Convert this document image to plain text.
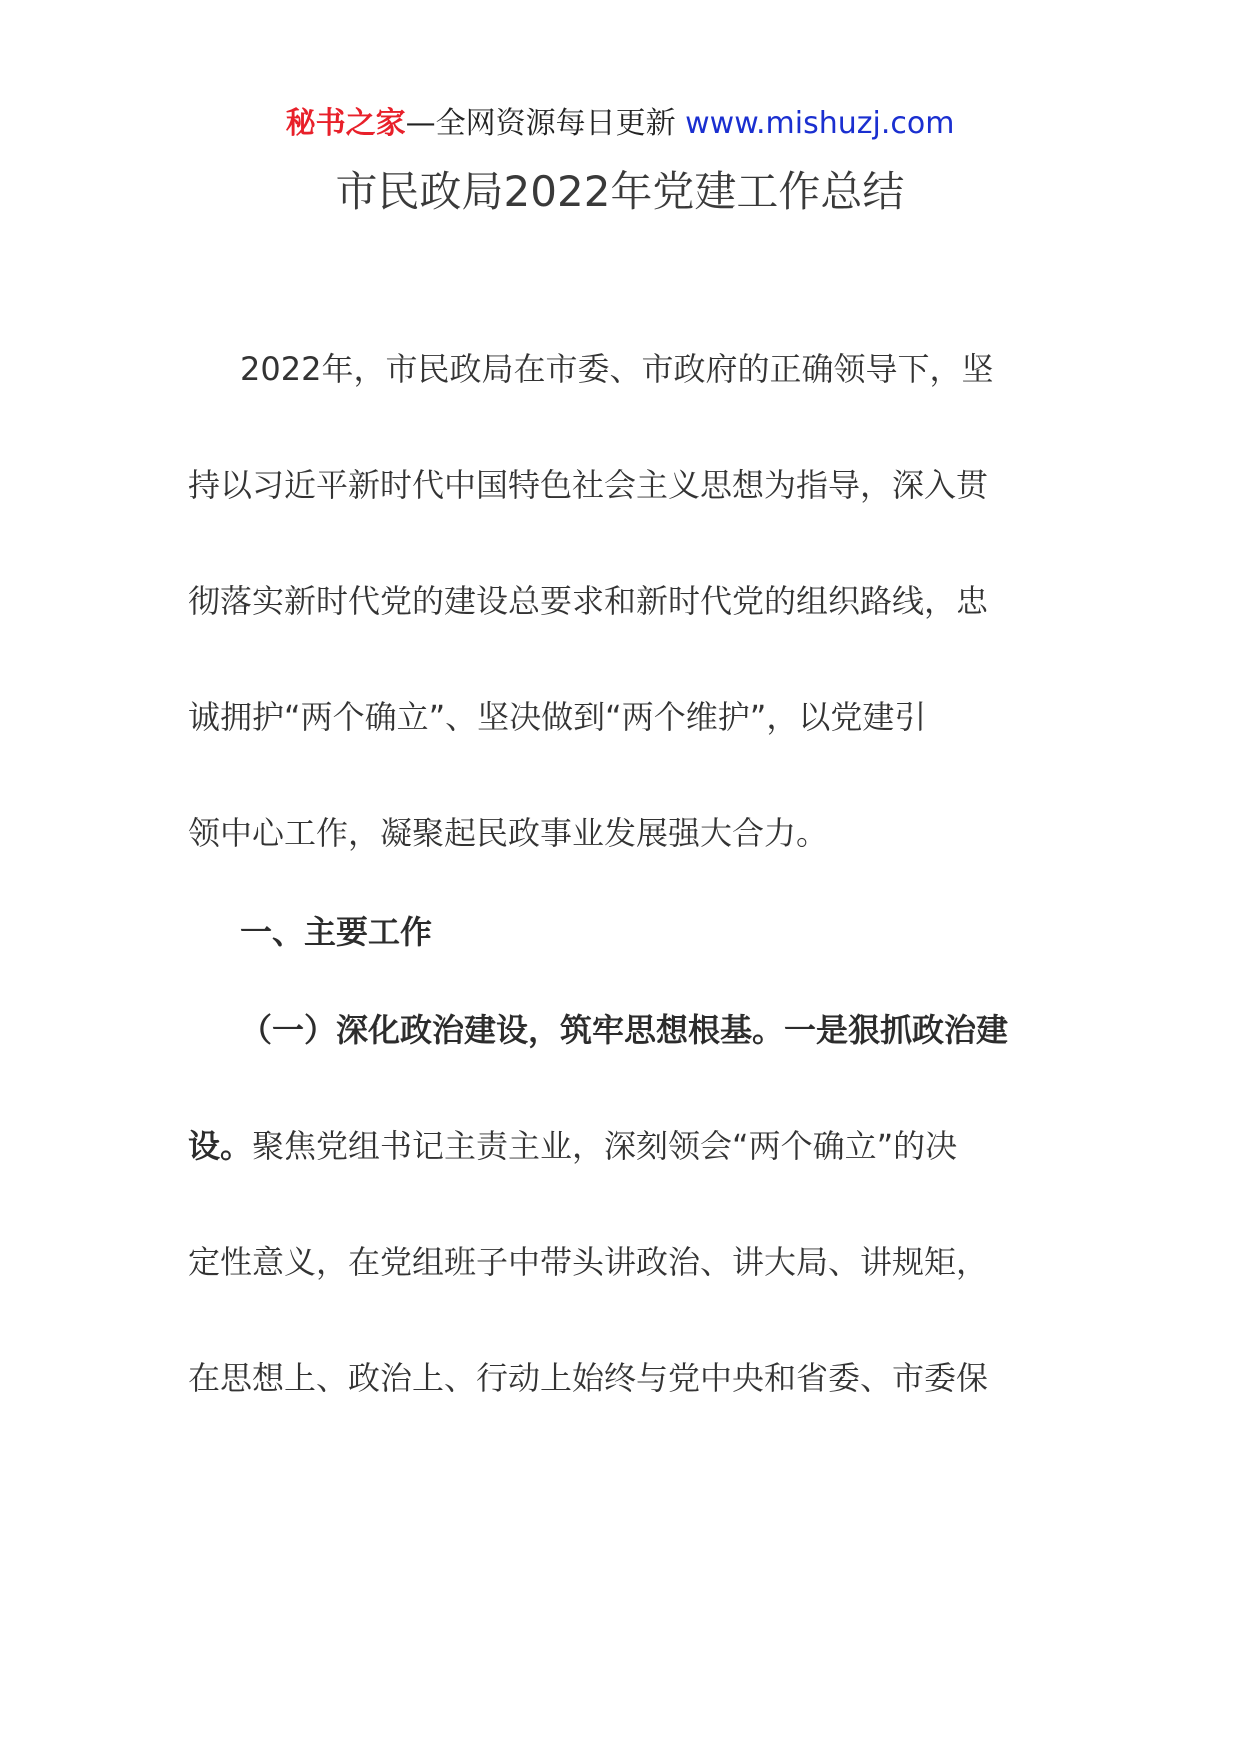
秘书之家—全网资源每日更新 www.mishuzj.com
市民政局2022年党建工作总结
2022年，市民政局在市委、市政府的正确领导下，坚
持以习近平新时代中国特色社会主义思想为指导，深入贯
彻落实新时代党的建设总要求和新时代党的组织路线，忠
诚拥护“两个确立”、坚决做到“两个维护”，以党建引
领中心工作，凝聚起民政事业发展强大合力。
一、主要工作
（一）深化政治建设，筑牢思想根基。一是狠抓政治建
设。聚焦党组书记主责主业，深刻领会“两个确立”的决
定性意义，在党组班子中带头讲政治、讲大局、讲规矩，
在思想上、政治上、行动上始终与党中央和省委、市委保
